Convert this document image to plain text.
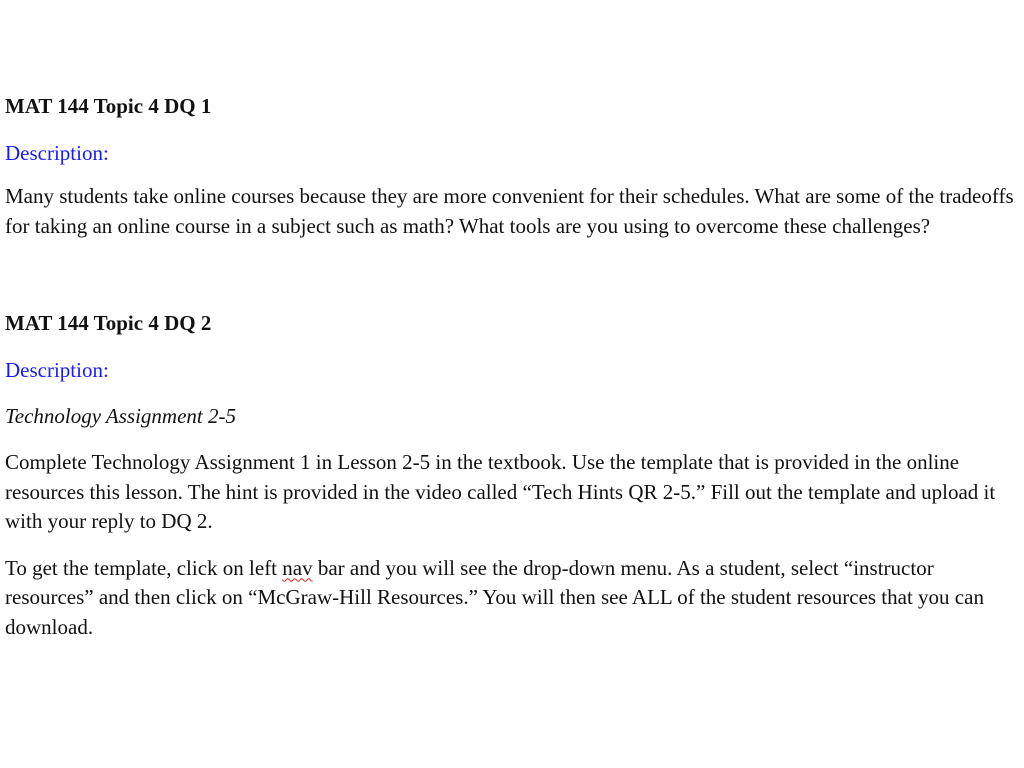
MAT 144 Topic 4 DQ 1

Description:

Many students take online courses because they are more convenient for their schedules. What are some of the tradeoffs for taking an online course in a subject such as math? What tools are you using to overcome these challenges?

MAT 144 Topic 4 DQ 2

Description:

Technology Assignment 2-5

Complete Technology Assignment 1 in Lesson 2-5 in the textbook. Use the template that is provided in the online resources this lesson. The hint is provided in the video called “Tech Hints QR 2-5.” Fill out the template and upload it with your reply to DQ 2.

To get the template, click on left nav bar and you will see the drop-down menu. As a student, select “instructor resources” and then click on “McGraw-Hill Resources.” You will then see ALL of the student resources that you can download.
